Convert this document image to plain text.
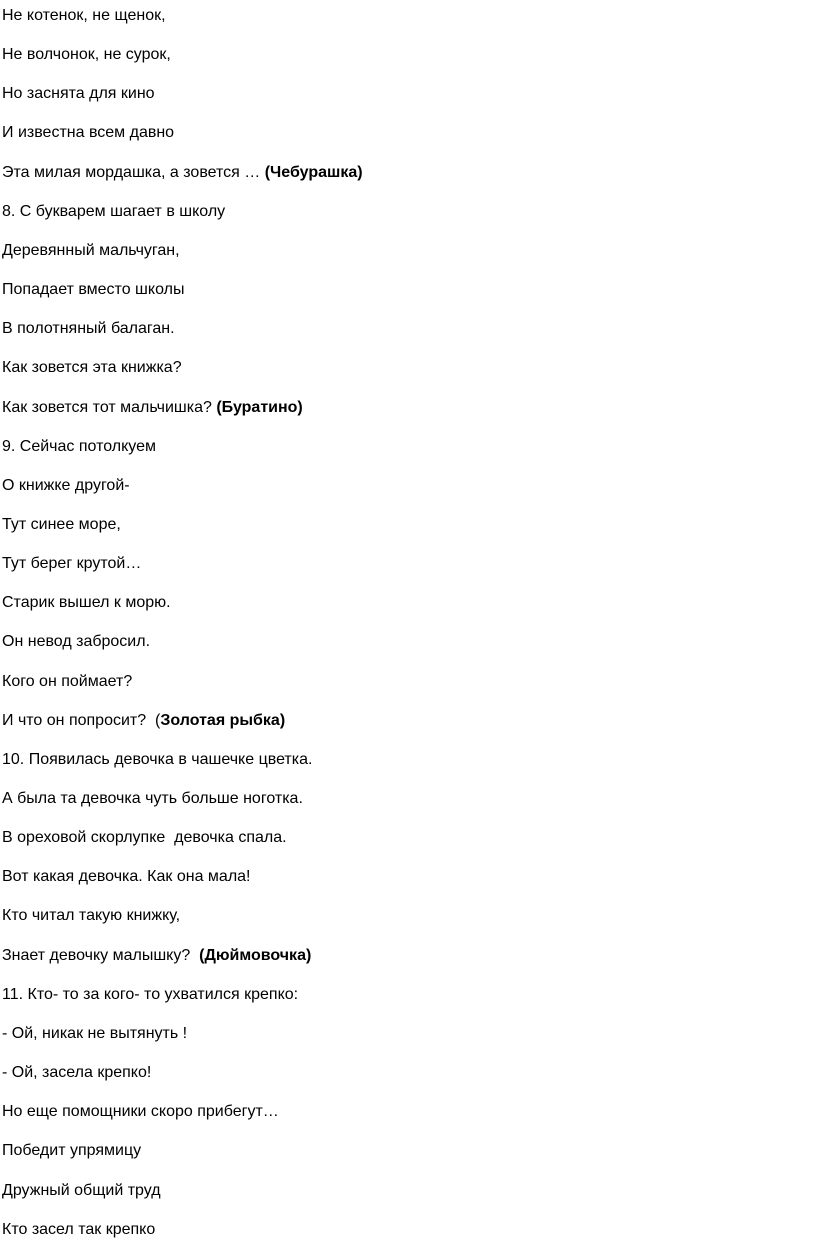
Не котенок, не щенок,
Не волчонок, не сурок,
Но заснята для кино
И известна всем давно
Эта милая мордашка, а зовется … (Чебурашка)
8. С букварем шагает в школу
Деревянный мальчуган,
Попадает вместо школы
В полотняный балаган.
Как зовется эта книжка?
Как зовется тот мальчишка? (Буратино)
9. Сейчас потолкуем
О книжке другой-
Тут синее море,
Тут берег крутой…
Старик вышел к морю.
Он невод забросил.
Кого он поймает?
И что он попросит?  (Золотая рыбка)
10. Появилась девочка в чашечке цветка.
А была та девочка чуть больше ноготка.
В ореховой скорлупке  девочка спала.
Вот какая девочка. Как она мала!
Кто читал такую книжку,
Знает девочку малышку?  (Дюймовочка)
11. Кто- то за кого- то ухватился крепко:
- Ой, никак не вытянуть !
- Ой, засела крепко!
Но еще помощники скоро прибегут…
Победит упрямицу
Дружный общий труд
Кто засел так крепко
